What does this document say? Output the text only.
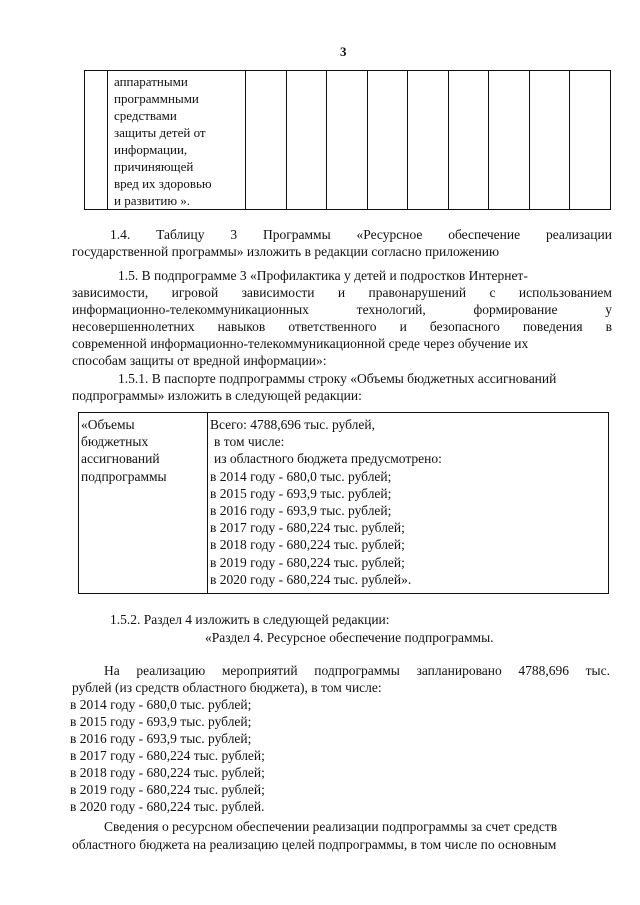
3

аппаратными
программными
средствами
защиты детей от
информации,
причиняющей
вред их здоровью
и развитию ».

1.4. Таблицу 3 Программы «Ресурсное обеспечение реализации
государственной программы» изложить в редакции согласно приложению
1.5. В подпрограмме 3 «Профилактика у детей и подростков Интернет-
зависимости, игровой зависимости и правонарушений с использованием
информационно-телекоммуникационных	технологий,	формирование	у
несовершеннолетних навыков ответственного и безопасного поведения в
современной информационно-телекоммуникационной среде через обучение их
способам защиты от вредной информации»:
1.5.1. В паспорте подпрограммы строку «Объемы бюджетных ассигнований
подпрограммы» изложить в следующей редакции:
«Объемы
бюджетных
ассигнований
подпрограммы

Всего: 4788,696 тыс. рублей,
в том числе:
из областного бюджета предусмотрено:
в 2014 году - 680,0 тыс. рублей;
в 2015 году - 693,9 тыс. рублей;
в 2016 году - 693,9 тыс. рублей;
в 2017 году - 680,224 тыс. рублей;
в 2018 году - 680,224 тыс. рублей;
в 2019 году - 680,224 тыс. рублей;
в 2020 году - 680,224 тыс. рублей».
1.5.2. Раздел 4 изложить в следующей редакции:
«Раздел 4. Ресурсное обеспечение подпрограммы.
На реализацию мероприятий подпрограммы запланировано 4788,696 тыс.
рублей (из средств областного бюджета), в том числе:
в 2014 году - 680,0 тыс. рублей;
в 2015 году - 693,9 тыс. рублей;
в 2016 году - 693,9 тыс. рублей;
в 2017 году - 680,224 тыс. рублей;
в 2018 году - 680,224 тыс. рублей;
в 2019 году - 680,224 тыс. рублей;
в 2020 году - 680,224 тыс. рублей.
Сведения о ресурсном обеспечении реализации подпрограммы за счет средств
областного бюджета на реализацию целей подпрограммы, в том числе по основным
